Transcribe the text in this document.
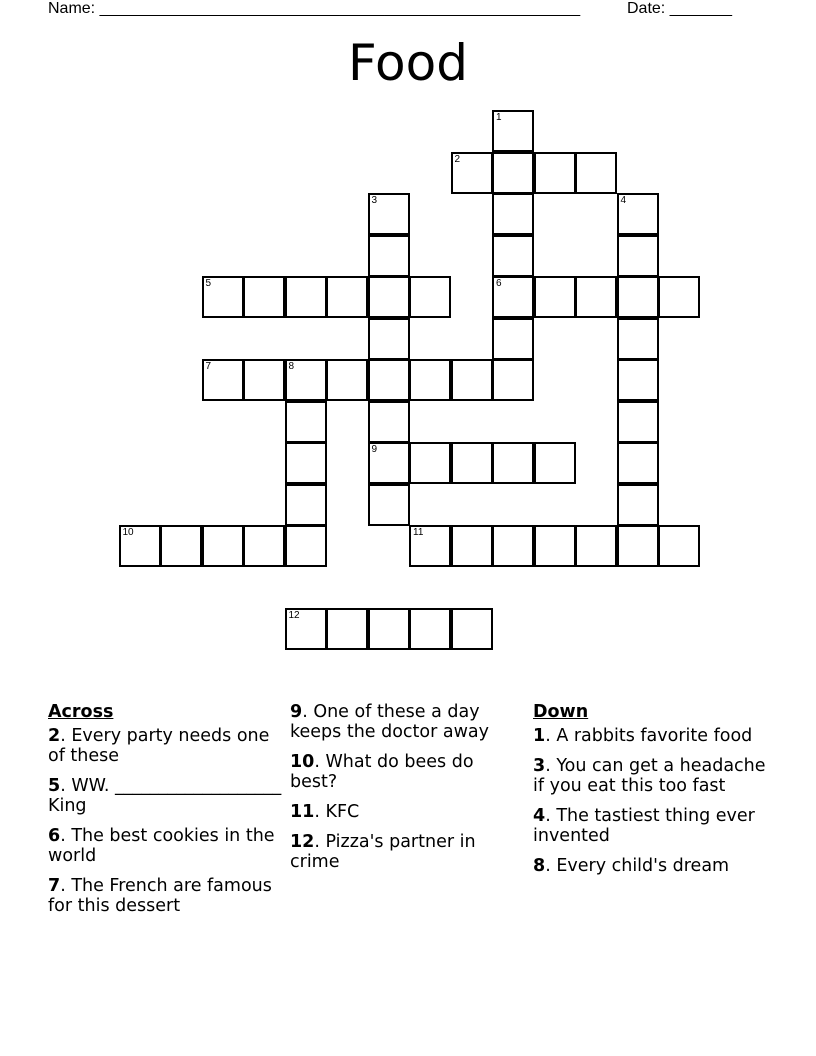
Name: ______________________________________________________	Date: _______
Food
1
2
3	4
5	6
7	8
9
10	11
12
Across
2. Every party needs one of these
5. WW. ___________________ King
6. The best cookies in the world
7. The French are famous for this dessert
9. One of these a day keeps the doctor away
10. What do bees do best?
11. KFC
12. Pizza's partner in crime
Down
1. A rabbits favorite food
3. You can get a headache if you eat this too fast
4. The tastiest thing ever invented
8. Every child's dream
